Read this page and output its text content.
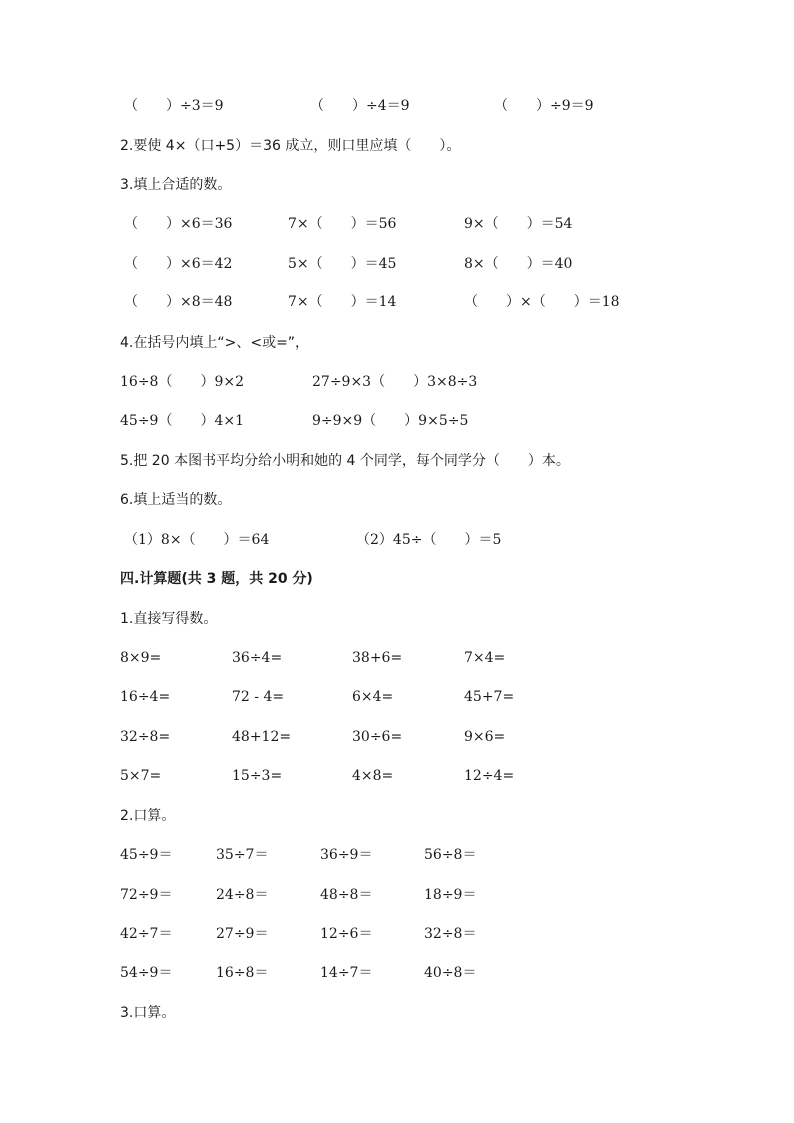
（　　）÷3＝9	（　　）÷4＝9	（　　）÷9＝9
2.要使 4×（口+5）＝36 成立，则口里应填（　　）。
3.填上合适的数。
（　　）×6＝36	7×（　　）＝56	9×（　　）＝54
（　　）×6＝42	5×（　　）＝45	8×（　　）＝40
（　　）×8＝48	7×（　　）＝14	（　　）×（　　）＝18
4.在括号内填上“>、<或=”，
16÷8（　　）9×2	27÷9×3（　　）3×8÷3
45÷9（　　）4×1	9÷9×9（　　）9×5÷5
5.把 20 本图书平均分给小明和她的 4 个同学，每个同学分（　　）本。
6.填上适当的数。
（1）8×（　　）＝64	（2）45÷（　　）＝5
四.计算题(共 3 题，共 20 分)
1.直接写得数。
8×9=	36÷4=	38+6=	7×4=
16÷4=	72 - 4=	6×4=	45+7=
32÷8=	48+12=	30÷6=	9×6=
5×7=	15÷3=	4×8=	12÷4=
2.口算。
45÷9＝	35÷7＝	36÷9＝	56÷8＝
72÷9＝	24÷8＝	48÷8＝	18÷9＝
42÷7＝	27÷9＝	12÷6＝	32÷8＝
54÷9＝	16÷8＝	14÷7＝	40÷8＝
3.口算。
